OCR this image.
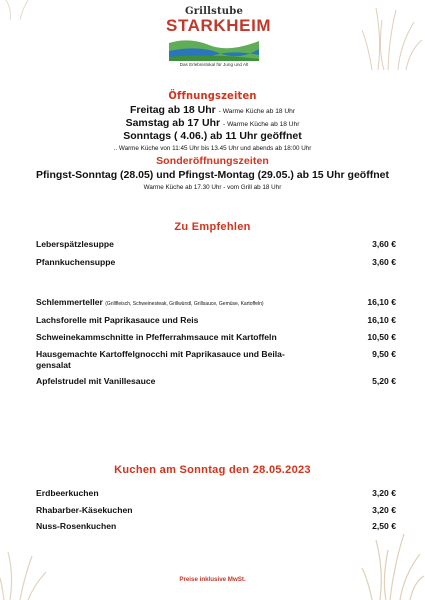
Grillstube
STARKHEIM
Das Erlebnislokal für Jung und Alt
Öffnungszeiten
Freitag ab 18 Uhr - Warme Küche ab 18 Uhr
Samstag ab 17 Uhr - Warme Küche ab 18 Uhr
Sonntags ( 4.06.) ab 11 Uhr geöffnet
.. Warme Küche von 11:45 Uhr bis 13.45 Uhr und abends ab 18:00 Uhr
Sonderöffnungszeiten
Pfingst-Sonntag (28.05) und Pfingst-Montag (29.05.) ab 15 Uhr geöffnet
Warme Küche ab 17.30 Uhr - vom Grill ab 18 Uhr
Zu Empfehlen
Leberspätzlesuppe	3,60 €
Pfannkuchensuppe	3,60 €
Schlemmerteller (Grillfleisch, Schweinesteak, Grillwürstl, Grillsauce, Gemüse, Kartoffeln)	16,10 €
Lachsforelle mit Paprikasauce und Reis	16,10 €
Schweinekammschnitte in Pfefferrahmsauce mit Kartoffeln	10,50 €
Hausgemachte Kartoffelgnocchi mit Paprikasauce und Beila-	9,50 €
gensalat
Apfelstrudel mit Vanillesauce	5,20 €
Kuchen am Sonntag den 28.05.2023
Erdbeerkuchen	3,20 €
Rhabarber-Käsekuchen	3,20 €
Nuss-Rosenkuchen	2,50 €
Preise inklusive MwSt.
